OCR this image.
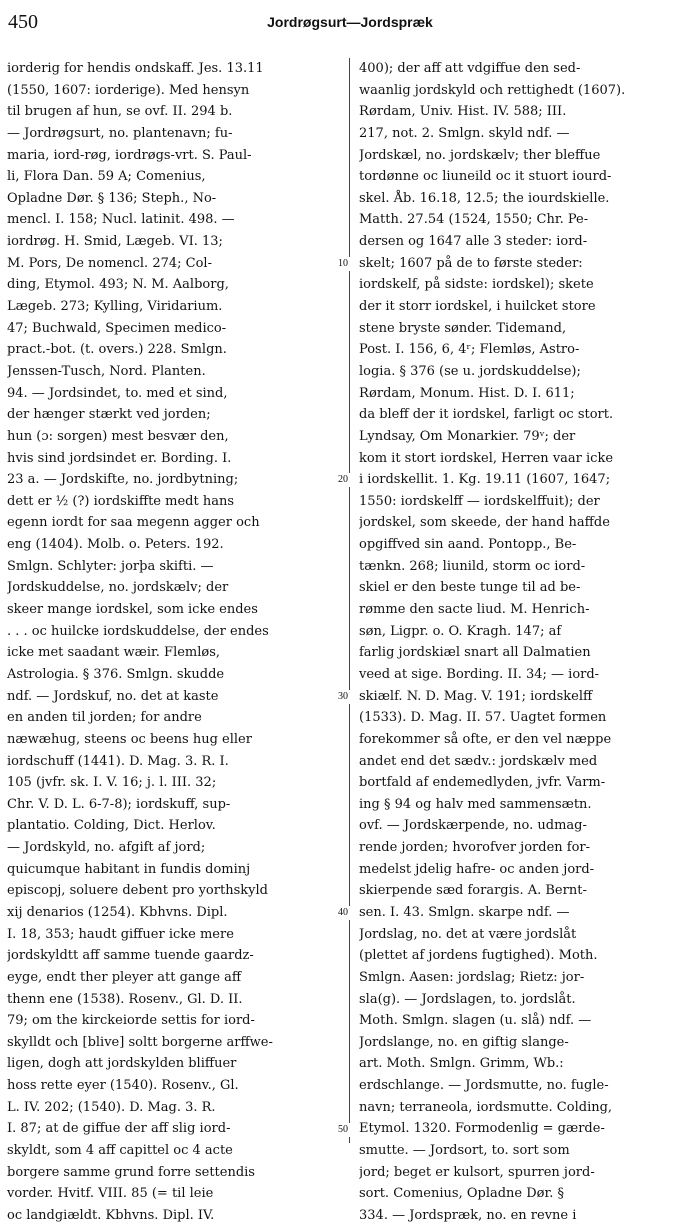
450	Jordrøgsurt—Jordspræk
iorderig for hendis ondskaff. Jes. 13.11
(1550, 1607: iorderige). Med hensyn
til brugen af hun, se ovf. II. 294 b.
— Jordrøgsurt, no. plantenavn; fu-
maria, iord-røg, iordrøgs-vrt. S. Paul-
li, Flora Dan. 59 A; Comenius,
Opladne Dør. § 136; Steph., No-
mencl. I. 158; Nucl. latinit. 498. —
iordrøg. H. Smid, Lægeb. VI. 13;
M. Pors, De nomencl. 274; Col-
ding, Etymol. 493; N. M. Aalborg,
Lægeb. 273; Kylling, Viridarium.
47; Buchwald, Specimen medico-
pract.-bot. (t. overs.) 228. Smlgn.
Jenssen-Tusch, Nord. Planten.
94. — Jordsindet, to. med et sind,
der hænger stærkt ved jorden;
hun (ɔ: sorgen) mest besvær den,
hvis sind jordsindet er. Bording. I.
23 a. — Jordskifte, no. jordbytning;
dett er ½ (?) iordskiffte medt hans
egenn iordt for saa megenn agger och
eng (1404). Molb. o. Peters. 192.
Smlgn. Schlyter: jorþa skifti. —
Jordskuddelse, no. jordskælv; der
skeer mange iordskel, som icke endes
. . . oc huilcke iordskuddelse, der endes
icke met saadant wæir. Flemløs,
Astrologia. § 376. Smlgn. skudde
ndf. — Jordskuf, no. det at kaste
en anden til jorden; for andre
næwæhug, steens oc beens hug eller
iordschuff (1441). D. Mag. 3. R. I.
105 (jvfr. sk. I. V. 16; j. l. III. 32;
Chr. V. D. L. 6-7-8); iordskuff, sup-
plantatio. Colding, Dict. Herlov.
— Jordskyld, no. afgift af jord;
quicumque habitant in fundis dominj
episcopj, soluere debent pro yorthskyld
xij denarios (1254). Kbhvns. Dipl.
I. 18, 353; haudt giffuer icke mere
jordskyldtt aff samme tuende gaardz-
eyge, endt ther pleyer att gange aff
thenn ene (1538). Rosenv., Gl. D. II.
79; om the kirckeiorde settis for iord-
skylldt och [blive] soltt borgerne arffwe-
ligen, dogh att jordskylden bliffuer
hoss rette eyer (1540). Rosenv., Gl.
L. IV. 202; (1540). D. Mag. 3. R.
I. 87; at de giffue der aff slig iord-
skyldt, som 4 aff capittel oc 4 acte
borgere samme grund forre settendis
vorder. Hvitf. VIII. 85 (= til leie
oc landgiældt. Kbhvns. Dipl. IV.
400); der aff att vdgiffue den sed-
waanlig jordskyld och rettighedt (1607).
Rørdam, Univ. Hist. IV. 588; III.
217, not. 2. Smlgn. skyld ndf. —
Jordskæl, no. jordskælv; ther bleffue
tordønne oc liuneild oc it stuort iourd-
skel. Åb. 16.18, 12.5; the iourdskielle.
Matth. 27.54 (1524, 1550; Chr. Pe-
dersen og 1647 alle 3 steder: iord-
skelt; 1607 på de to første steder:
iordskelf, på sidste: iordskel); skete
der it storr iordskel, i huilcket store
stene bryste sønder. Tidemand,
Post. I. 156, 6, 4ʳ; Flemløs, Astro-
logia. § 376 (se u. jordskuddelse);
Rørdam, Monum. Hist. D. I. 611;
da bleff der it iordskel, farligt oc stort.
Lyndsay, Om Monarkier. 79ᵛ; der
kom it stort iordskel, Herren vaar icke
i iordskellit. 1. Kg. 19.11 (1607, 1647;
1550: iordskelff — iordskelffuit); der
jordskel, som skeede, der hand haffde
opgiffved sin aand. Pontopp., Be-
tænkn. 268; liunild, storm oc iord-
skiel er den beste tunge til ad be-
rømme den sacte liud. M. Henrich-
søn, Ligpr. o. O. Kragh. 147; af
farlig jordskiæl snart all Dalmatien
veed at sige. Bording. II. 34; — iord-
skiælf. N. D. Mag. V. 191; iordskelff
(1533). D. Mag. II. 57. Uagtet formen
forekommer så ofte, er den vel næppe
andet end det sædv.: jordskælv med
bortfald af endemedlyden, jvfr. Varm-
ing § 94 og halv med sammensætn.
ovf. — Jordskærpende, no. udmag-
rende jorden; hvorofver jorden for-
medelst jdelig hafre- oc anden jord-
skierpende sæd forargis. A. Bernt-
sen. I. 43. Smlgn. skarpe ndf. —
Jordslag, no. det at være jordslåt
(plettet af jordens fugtighed). Moth.
Smlgn. Aasen: jordslag; Rietz: jor-
sla(g). — Jordslagen, to. jordslåt.
Moth. Smlgn. slagen (u. slå) ndf. —
Jordslange, no. en giftig slange-
art. Moth. Smlgn. Grimm, Wb.:
erdschlange. — Jordsmutte, no. fugle-
navn; terraneola, iordsmutte. Colding,
Etymol. 1320. Formodenlig = gærde-
smutte. — Jordsort, to. sort som
jord; beget er kulsort, spurren jord-
sort. Comenius, Opladne Dør. §
334. — Jordspræk, no. en revne i
10
20
30
40
50
